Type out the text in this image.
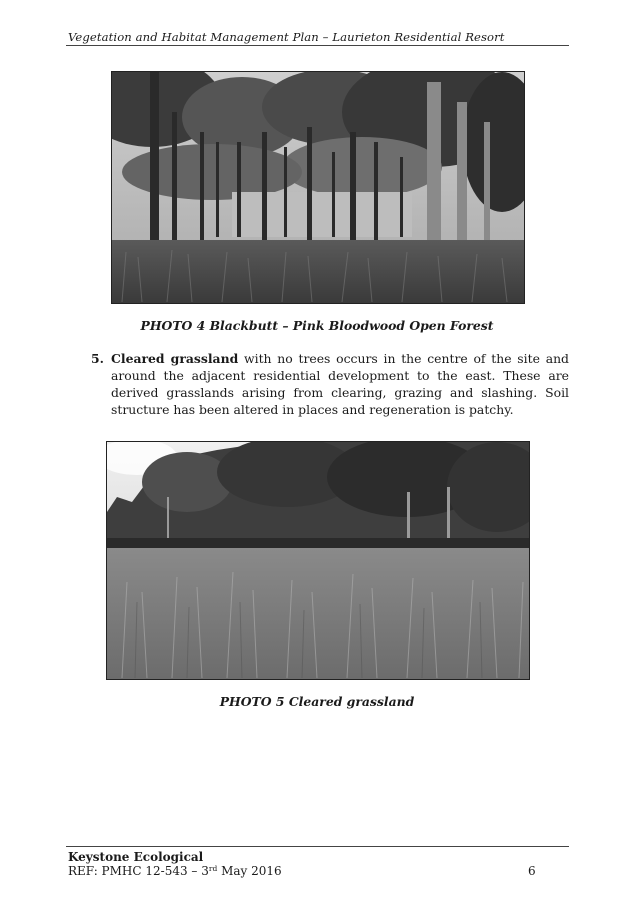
Vegetation and Habitat Management Plan – Laurieton Residential Resort
PHOTO 4 Blackbutt – Pink Bloodwood Open Forest
5. Cleared grassland with no trees occurs in the centre of the site and around the adjacent residential development to the east. These are derived grasslands arising from clearing, grazing and slashing. Soil structure has been altered in places and regeneration is patchy.
PHOTO 5 Cleared grassland
Keystone Ecological
REF: PMHC 12-543 – 3rd May 2016	6
